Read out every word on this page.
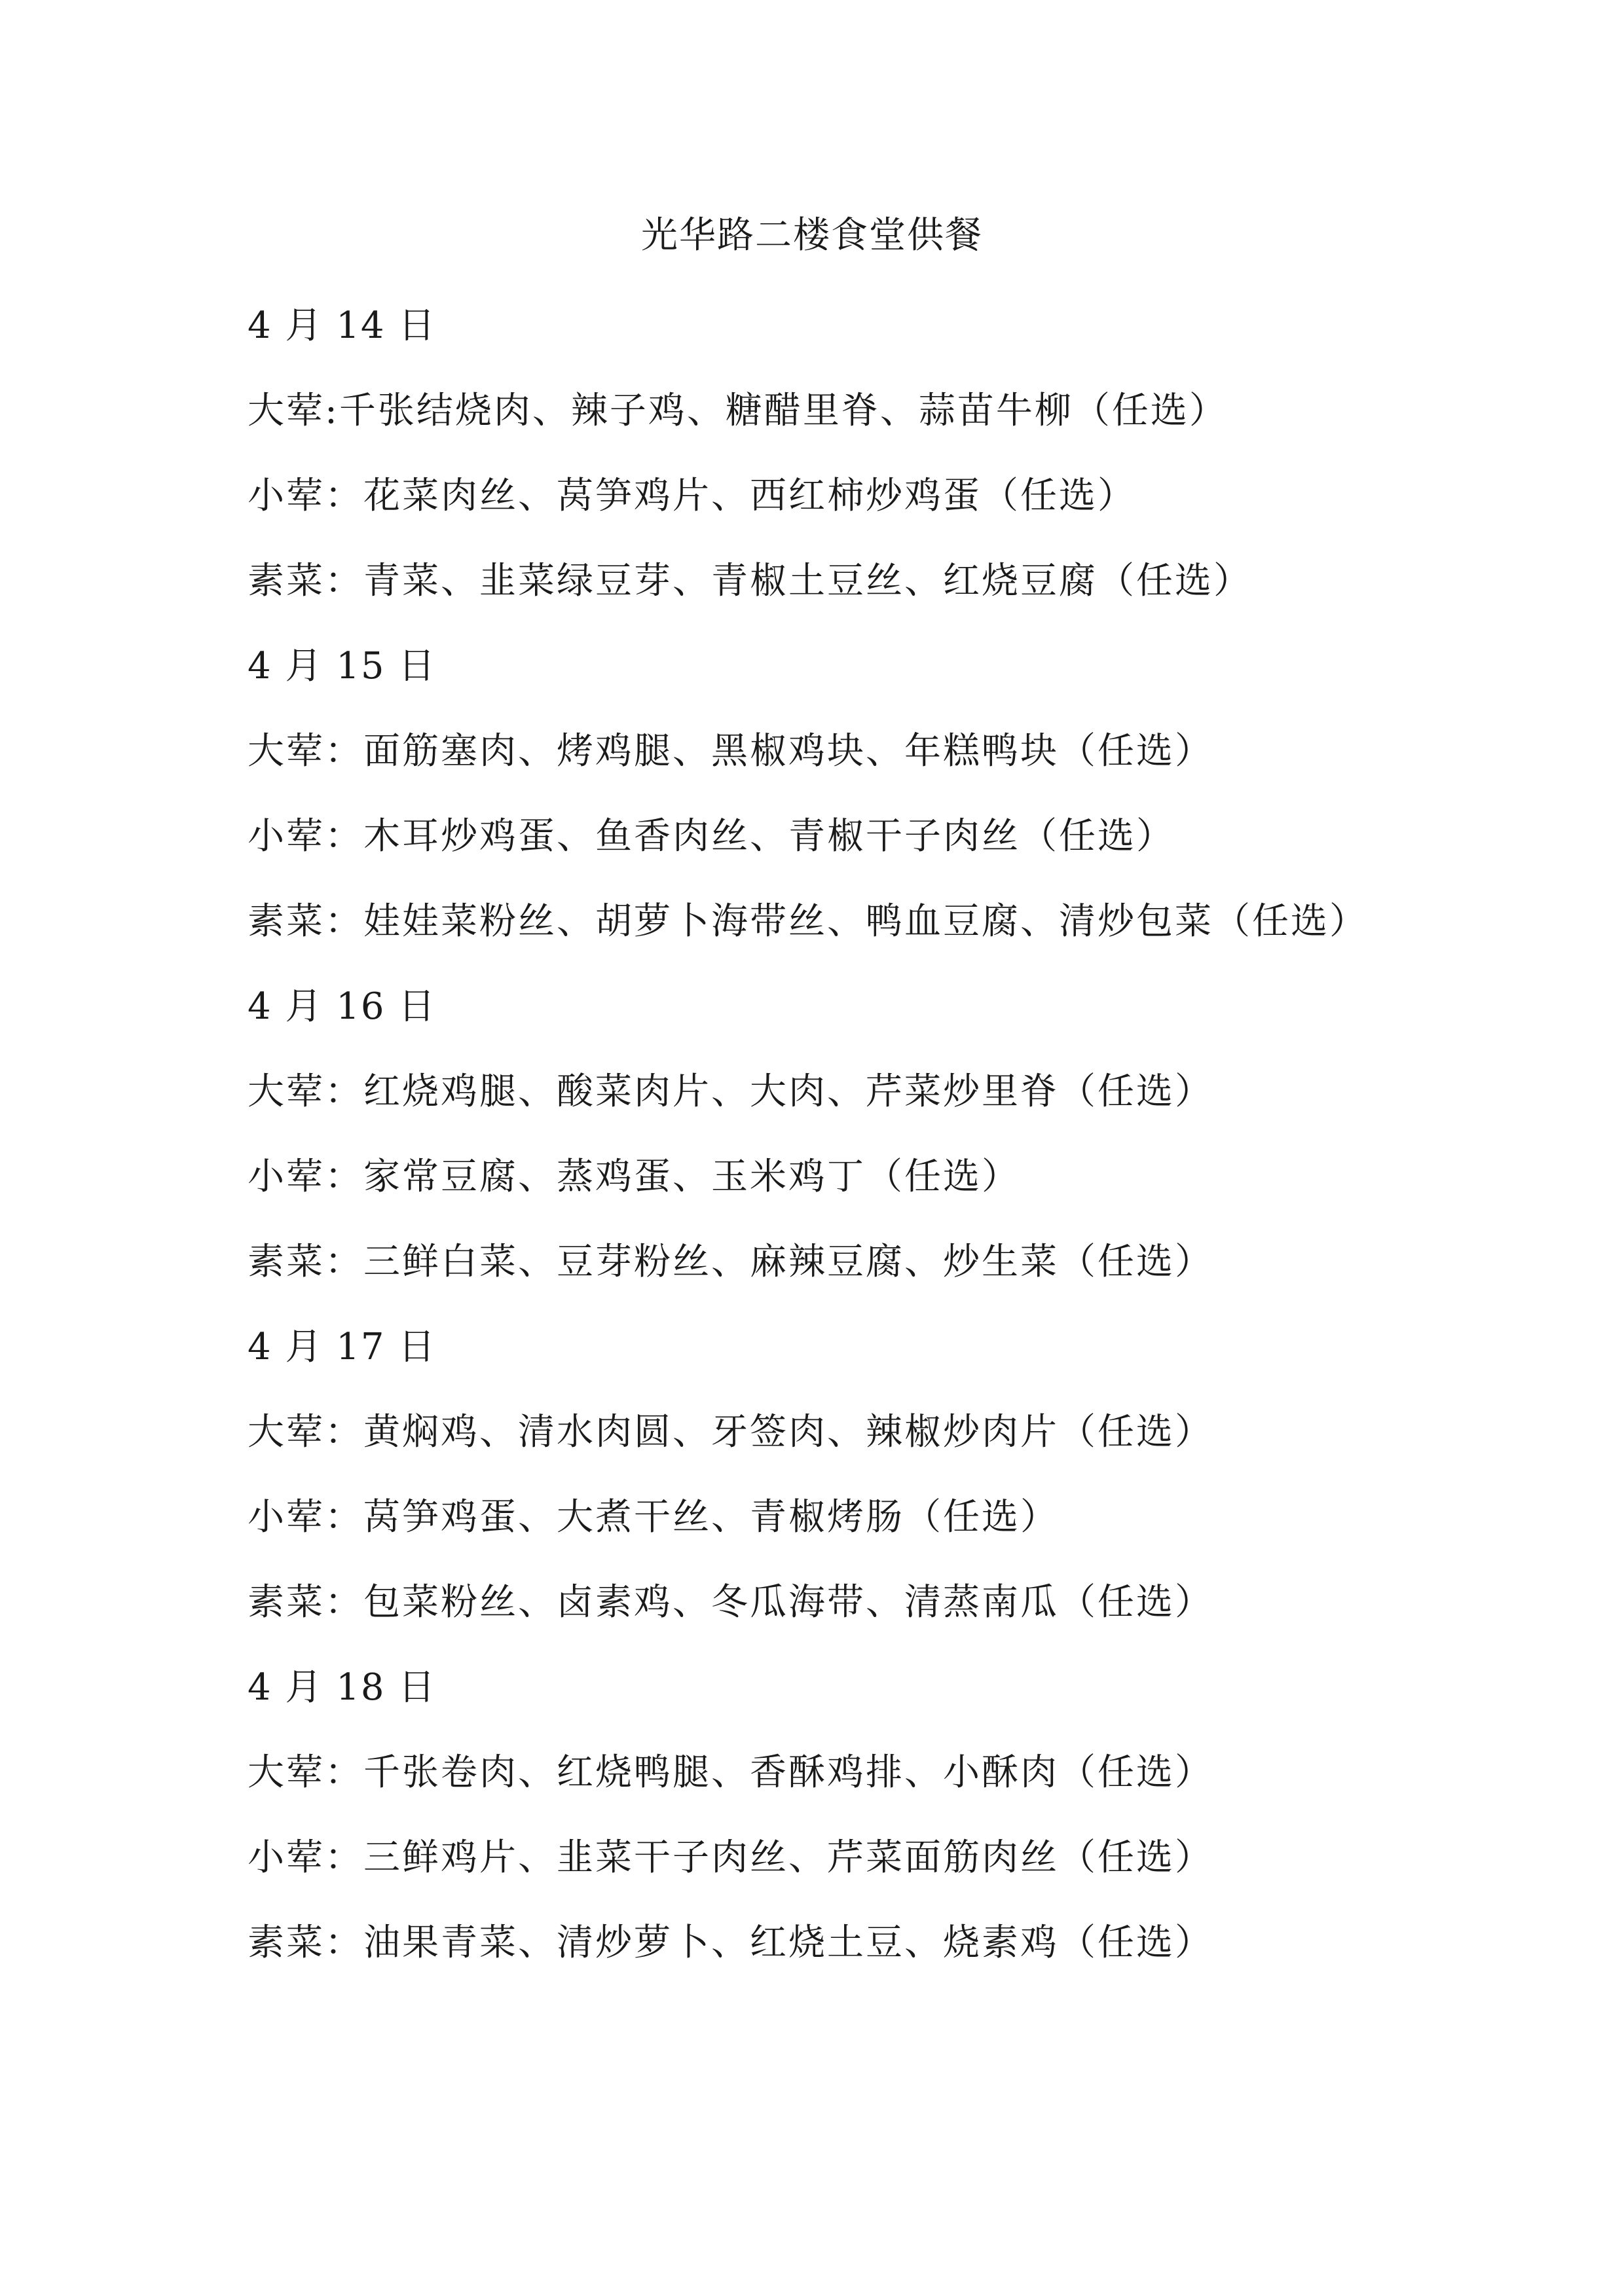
光华路二楼食堂供餐
4 月 14 日
大荤:千张结烧肉、辣子鸡、糖醋里脊、蒜苗牛柳（任选）
小荤：花菜肉丝、莴笋鸡片、西红柿炒鸡蛋（任选）
素菜：青菜、韭菜绿豆芽、青椒土豆丝、红烧豆腐（任选）
4 月 15 日
大荤：面筋塞肉、烤鸡腿、黑椒鸡块、年糕鸭块（任选）
小荤：木耳炒鸡蛋、鱼香肉丝、青椒干子肉丝（任选）
素菜：娃娃菜粉丝、胡萝卜海带丝、鸭血豆腐、清炒包菜（任选）
4 月 16 日
大荤：红烧鸡腿、酸菜肉片、大肉、芹菜炒里脊（任选）
小荤：家常豆腐、蒸鸡蛋、玉米鸡丁（任选）
素菜：三鲜白菜、豆芽粉丝、麻辣豆腐、炒生菜（任选）
4 月 17 日
大荤：黄焖鸡、清水肉圆、牙签肉、辣椒炒肉片（任选）
小荤：莴笋鸡蛋、大煮干丝、青椒烤肠（任选）
素菜：包菜粉丝、卤素鸡、冬瓜海带、清蒸南瓜（任选）
4 月 18 日
大荤：千张卷肉、红烧鸭腿、香酥鸡排、小酥肉（任选）
小荤：三鲜鸡片、韭菜干子肉丝、芹菜面筋肉丝（任选）
素菜：油果青菜、清炒萝卜、红烧土豆、烧素鸡（任选）
